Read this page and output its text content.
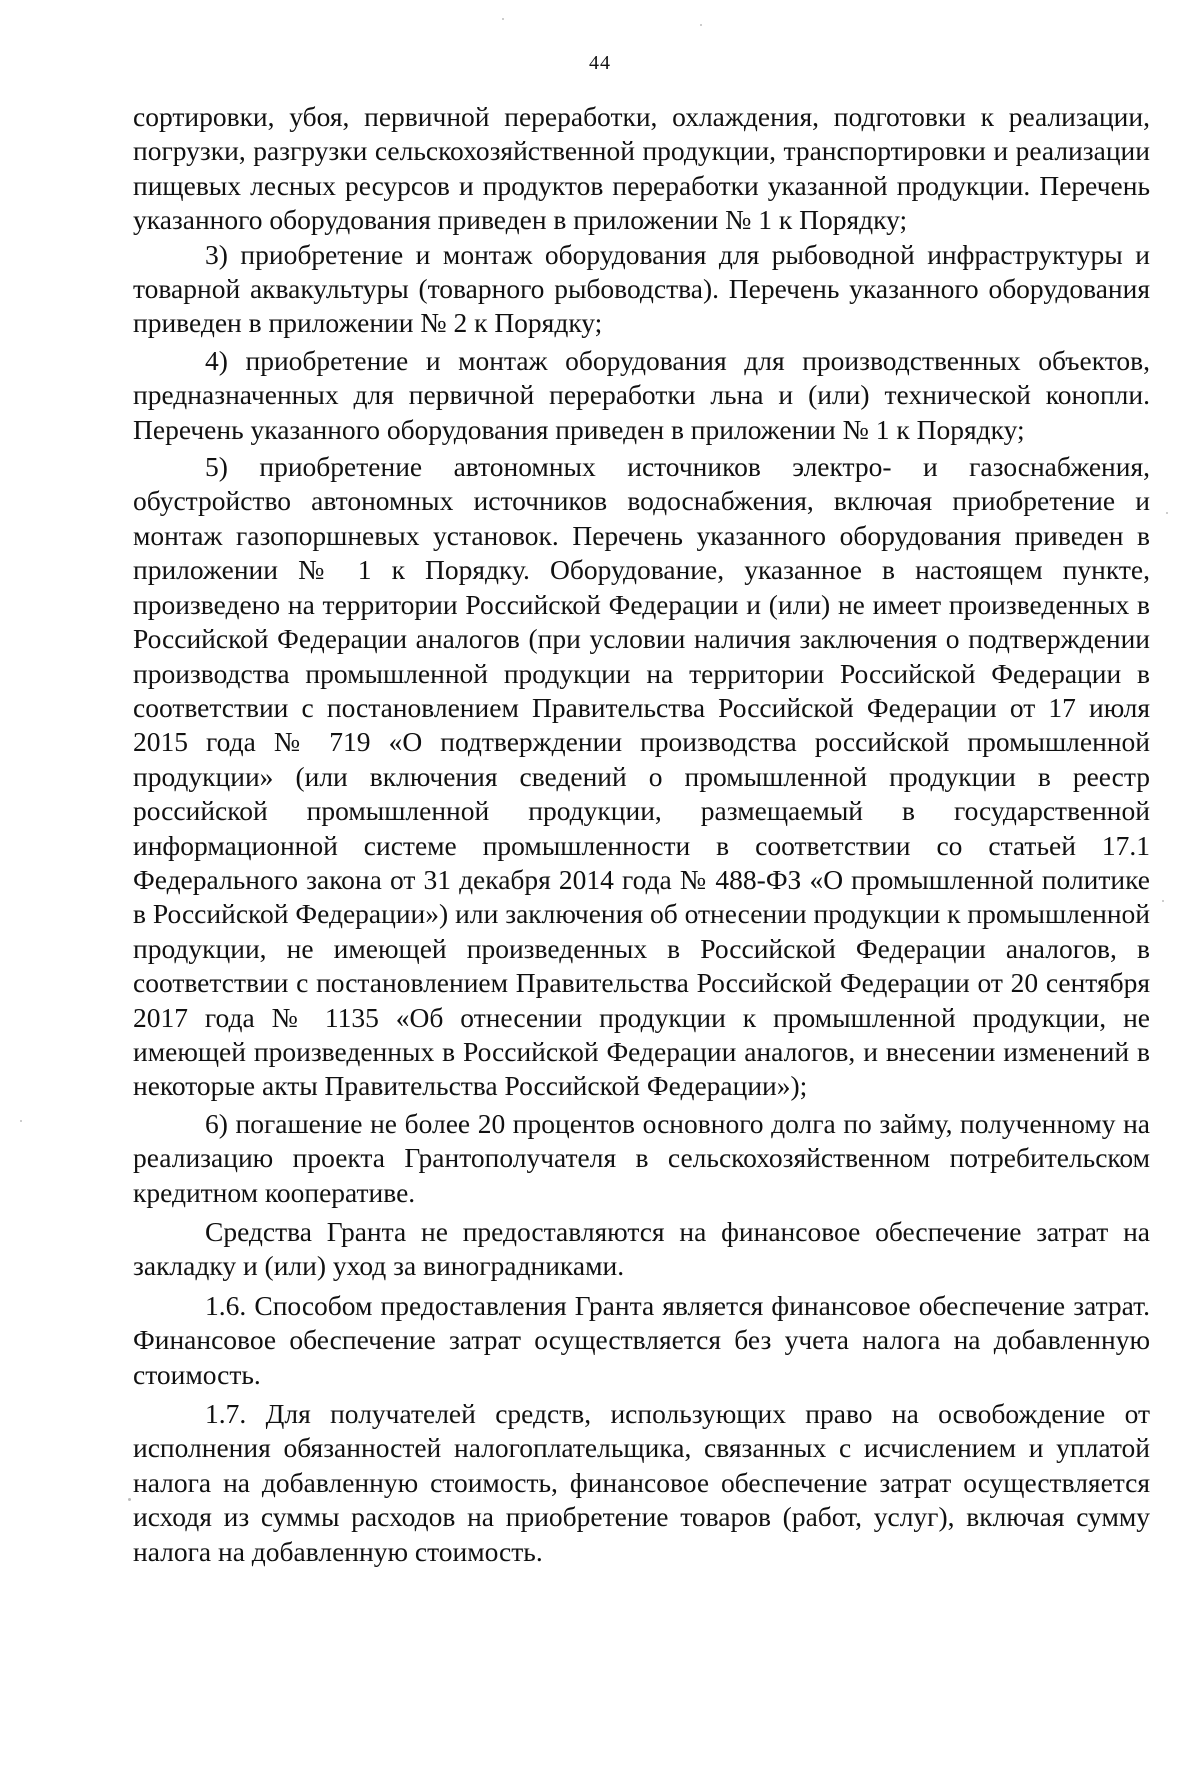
44

сортировки, убоя, первичной переработки, охлаждения, подготовки к реализации, погрузки, разгрузки сельскохозяйственной продукции, транспортировки и реализации пищевых лесных ресурсов и продуктов переработки указанной продукции. Перечень указанного оборудования приведен в приложении № 1 к Порядку;

3) приобретение и монтаж оборудования для рыбоводной инфраструктуры и товарной аквакультуры (товарного рыбоводства). Перечень указанного оборудования приведен в приложении № 2 к Порядку;

4) приобретение и монтаж оборудования для производственных объектов, предназначенных для первичной переработки льна и (или) технической конопли. Перечень указанного оборудования приведен в приложении № 1 к Порядку;

5) приобретение автономных источников электро- и газоснабжения, обустройство автономных источников водоснабжения, включая приобретение и монтаж газопоршневых установок. Перечень указанного оборудования приведен в приложении № 1 к Порядку. Оборудование, указанное в настоящем пункте, произведено на территории Российской Федерации и (или) не имеет произведенных в Российской Федерации аналогов (при условии наличия заключения о подтверждении производства промышленной продукции на территории Российской Федерации в соответствии с постановлением Правительства Российской Федерации от 17 июля 2015 года № 719 «О подтверждении производства российской промышленной продукции» (или включения сведений о промышленной продукции в реестр российской промышленной продукции, размещаемый в государственной информационной системе промышленности в соответствии со статьей 17.1 Федерального закона от 31 декабря 2014 года № 488-ФЗ «О промышленной политике в Российской Федерации») или заключения об отнесении продукции к промышленной продукции, не имеющей произведенных в Российской Федерации аналогов, в соответствии с постановлением Правительства Российской Федерации от 20 сентября 2017 года № 1135 «Об отнесении продукции к промышленной продукции, не имеющей произведенных в Российской Федерации аналогов, и внесении изменений в некоторые акты Правительства Российской Федерации»);

6) погашение не более 20 процентов основного долга по займу, полученному на реализацию проекта Грантополучателя в сельскохозяйственном потребительском кредитном кооперативе.

Средства Гранта не предоставляются на финансовое обеспечение затрат на закладку и (или) уход за виноградниками.

1.6. Способом предоставления Гранта является финансовое обеспечение затрат. Финансовое обеспечение затрат осуществляется без учета налога на добавленную стоимость.

1.7. Для получателей средств, использующих право на освобождение от исполнения обязанностей налогоплательщика, связанных с исчислением и уплатой налога на добавленную стоимость, финансовое обеспечение затрат осуществляется исходя из суммы расходов на приобретение товаров (работ, услуг), включая сумму налога на добавленную стоимость.
